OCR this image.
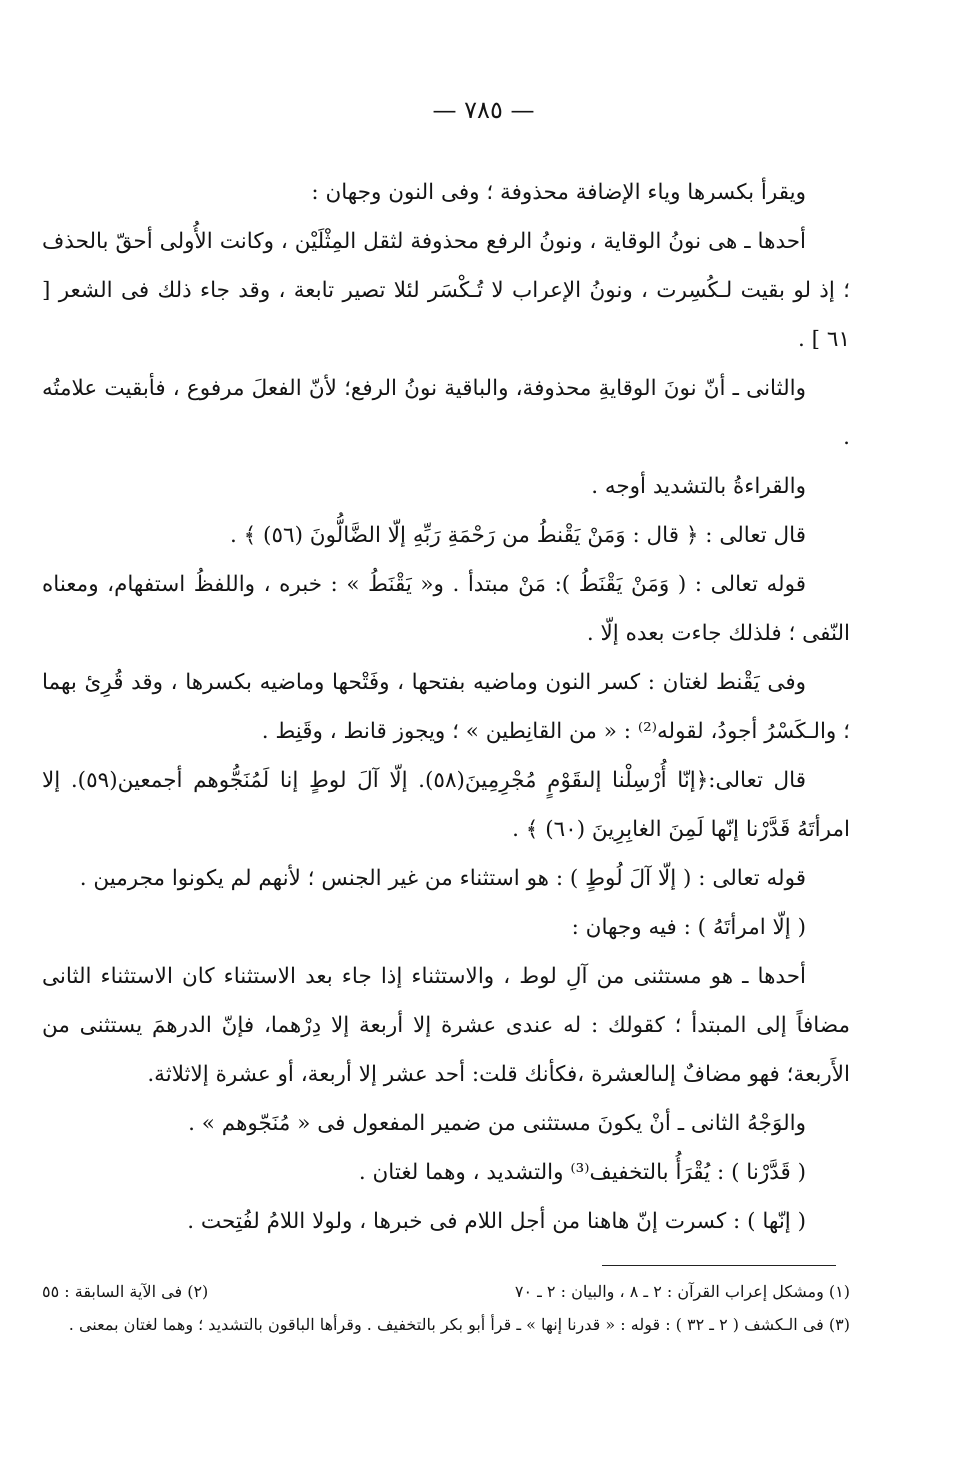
— ٧٨٥ —

ويقرأ بكسرها وياء الإضافة محذوفة ؛ وفى النون وجهان :

أحدها ـ هى نونُ الوقاية ، ونونُ الرفع محذوفة لثقل المِثْلَيْن ، وكانت الأُولى أحقّ بالحذف ؛ إذ لو بقيت لـكُسِرت ، ونونُ الإعراب لا تُـكْسَر لئلا تصير تابعة ، وقد جاء ذلك فى الشعر [ ٦١ ] .

والثانى ـ أنّ نونَ الوقايةِ محذوفة، والباقية نونُ الرفع؛ لأنّ الفعلَ مرفوع ، فأبقيت علامتُه .

والقراءةُ بالتشديد أوجه .

قال تعالى : ﴿ قال : وَمَنْ يَقْنطُ من رَحْمَةِ رَبِّهِ إلّا الضَّالُّونَ (٥٦) ﴾ .

قوله تعالى : ( وَمَنْ يَقْنَطُ ): مَنْ مبتدأ . و« يَقْنَطُ » : خبره ، واللفظُ استفهام، ومعناه النّفى ؛ فلذلك جاءت بعده إلّا .

وفى يَقْنط لغتان : كسر النون وماضيه بفتحها ، وفَتْحها وماضيه بكسرها ، وقد قُرِئ بهما ؛ والـكَسْرُ أجودُ، لقوله⁽²⁾ : « من القانِطين » ؛ ويجوز قانط ، وقَنِط .

قال تعالى:﴿إنّا أُرْسِلْنا إلىقَوْمٍ مُجْرِمِينَ(٥٨). إلّا آلَ لوطٍ إنا لَمُنَجُّوهم أجمعين(٥٩). إلا امرأتَهُ قَدَّرْنا إنّها لَمِنَ الغابِرِينَ (٦٠) ﴾ .

قوله تعالى : ( إلّا آلَ لُوطٍ ) : هو استثناء من غير الجنس ؛ لأنهم لم يكونوا مجرمين .

( إلّا امرأتَهُ ) : فيه وجهان :

أحدها ـ هو مستثنى من آلِ لوط ، والاستثناء إذا جاء بعد الاستثناء كان الاستثناء الثانى مضافاً إلى المبتدأ ؛ كقولك : له عندى عشرة إلا أربعة إلا دِرْهما، فإنّ الدرهمَ يستثنى من الأَربعة؛ فهو مضافٌ إلىالعشرة ،فكأنك قلت: أحد عشر إلا أربعة، أو عشرة إلاثلاثة.

والوَجْهُ الثانى ـ أنْ يكونَ مستثنى من ضمير المفعول فى « مُنَجّوهم » .

( قَدَّرْنا ) : يُقْرَأُ بالتخفيف⁽³⁾ والتشديد ، وهما لغتان .

( إنّها ) : كسرت إنّ هاهنا من أجل اللام فى خبرها ، ولولا اللامُ لفُتِحت .

(١) ومشكل إعراب القرآن : ٢ ـ ٨ ، والبيان : ٢ ـ ٧٠
(٢) فى الآية السابقة : ٥٥

(٣) فى الـكشف ( ٢ ـ ٣٢ ) : قوله : « قدرنا إنها » ـ قرأ أبو بكر بالتخفيف . وقرأها الباقون بالتشديد ؛ وهما لغتان بمعنى .
